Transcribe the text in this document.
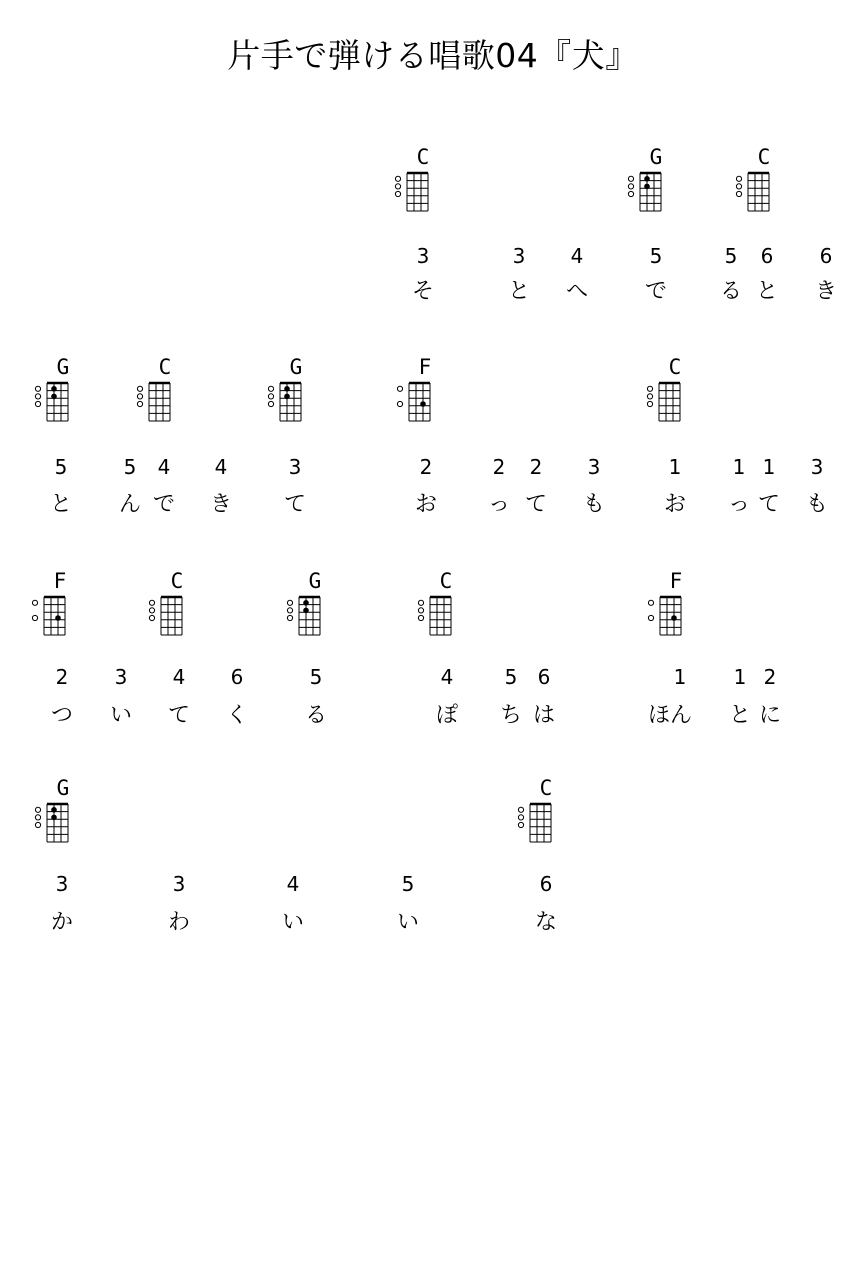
片手で弾ける唱歌04『犬』
C	G	C
3	3	4	5	5	6	6
そ	と	へ	で	る と	き
G	C	G	F	C
5	5	4	4	3	2	2	2	3	1	1 1	3
と	ん で	き	て	お	っ て	も	お	っ て	も
F	C	G	C	F
2	3	4	6	5	4	5	6	1	1 2
つ	い	て	く	る	ぽ	ち は	ほん	と に
G	C
3	3	4	5	6
か	わ	い	い	な
